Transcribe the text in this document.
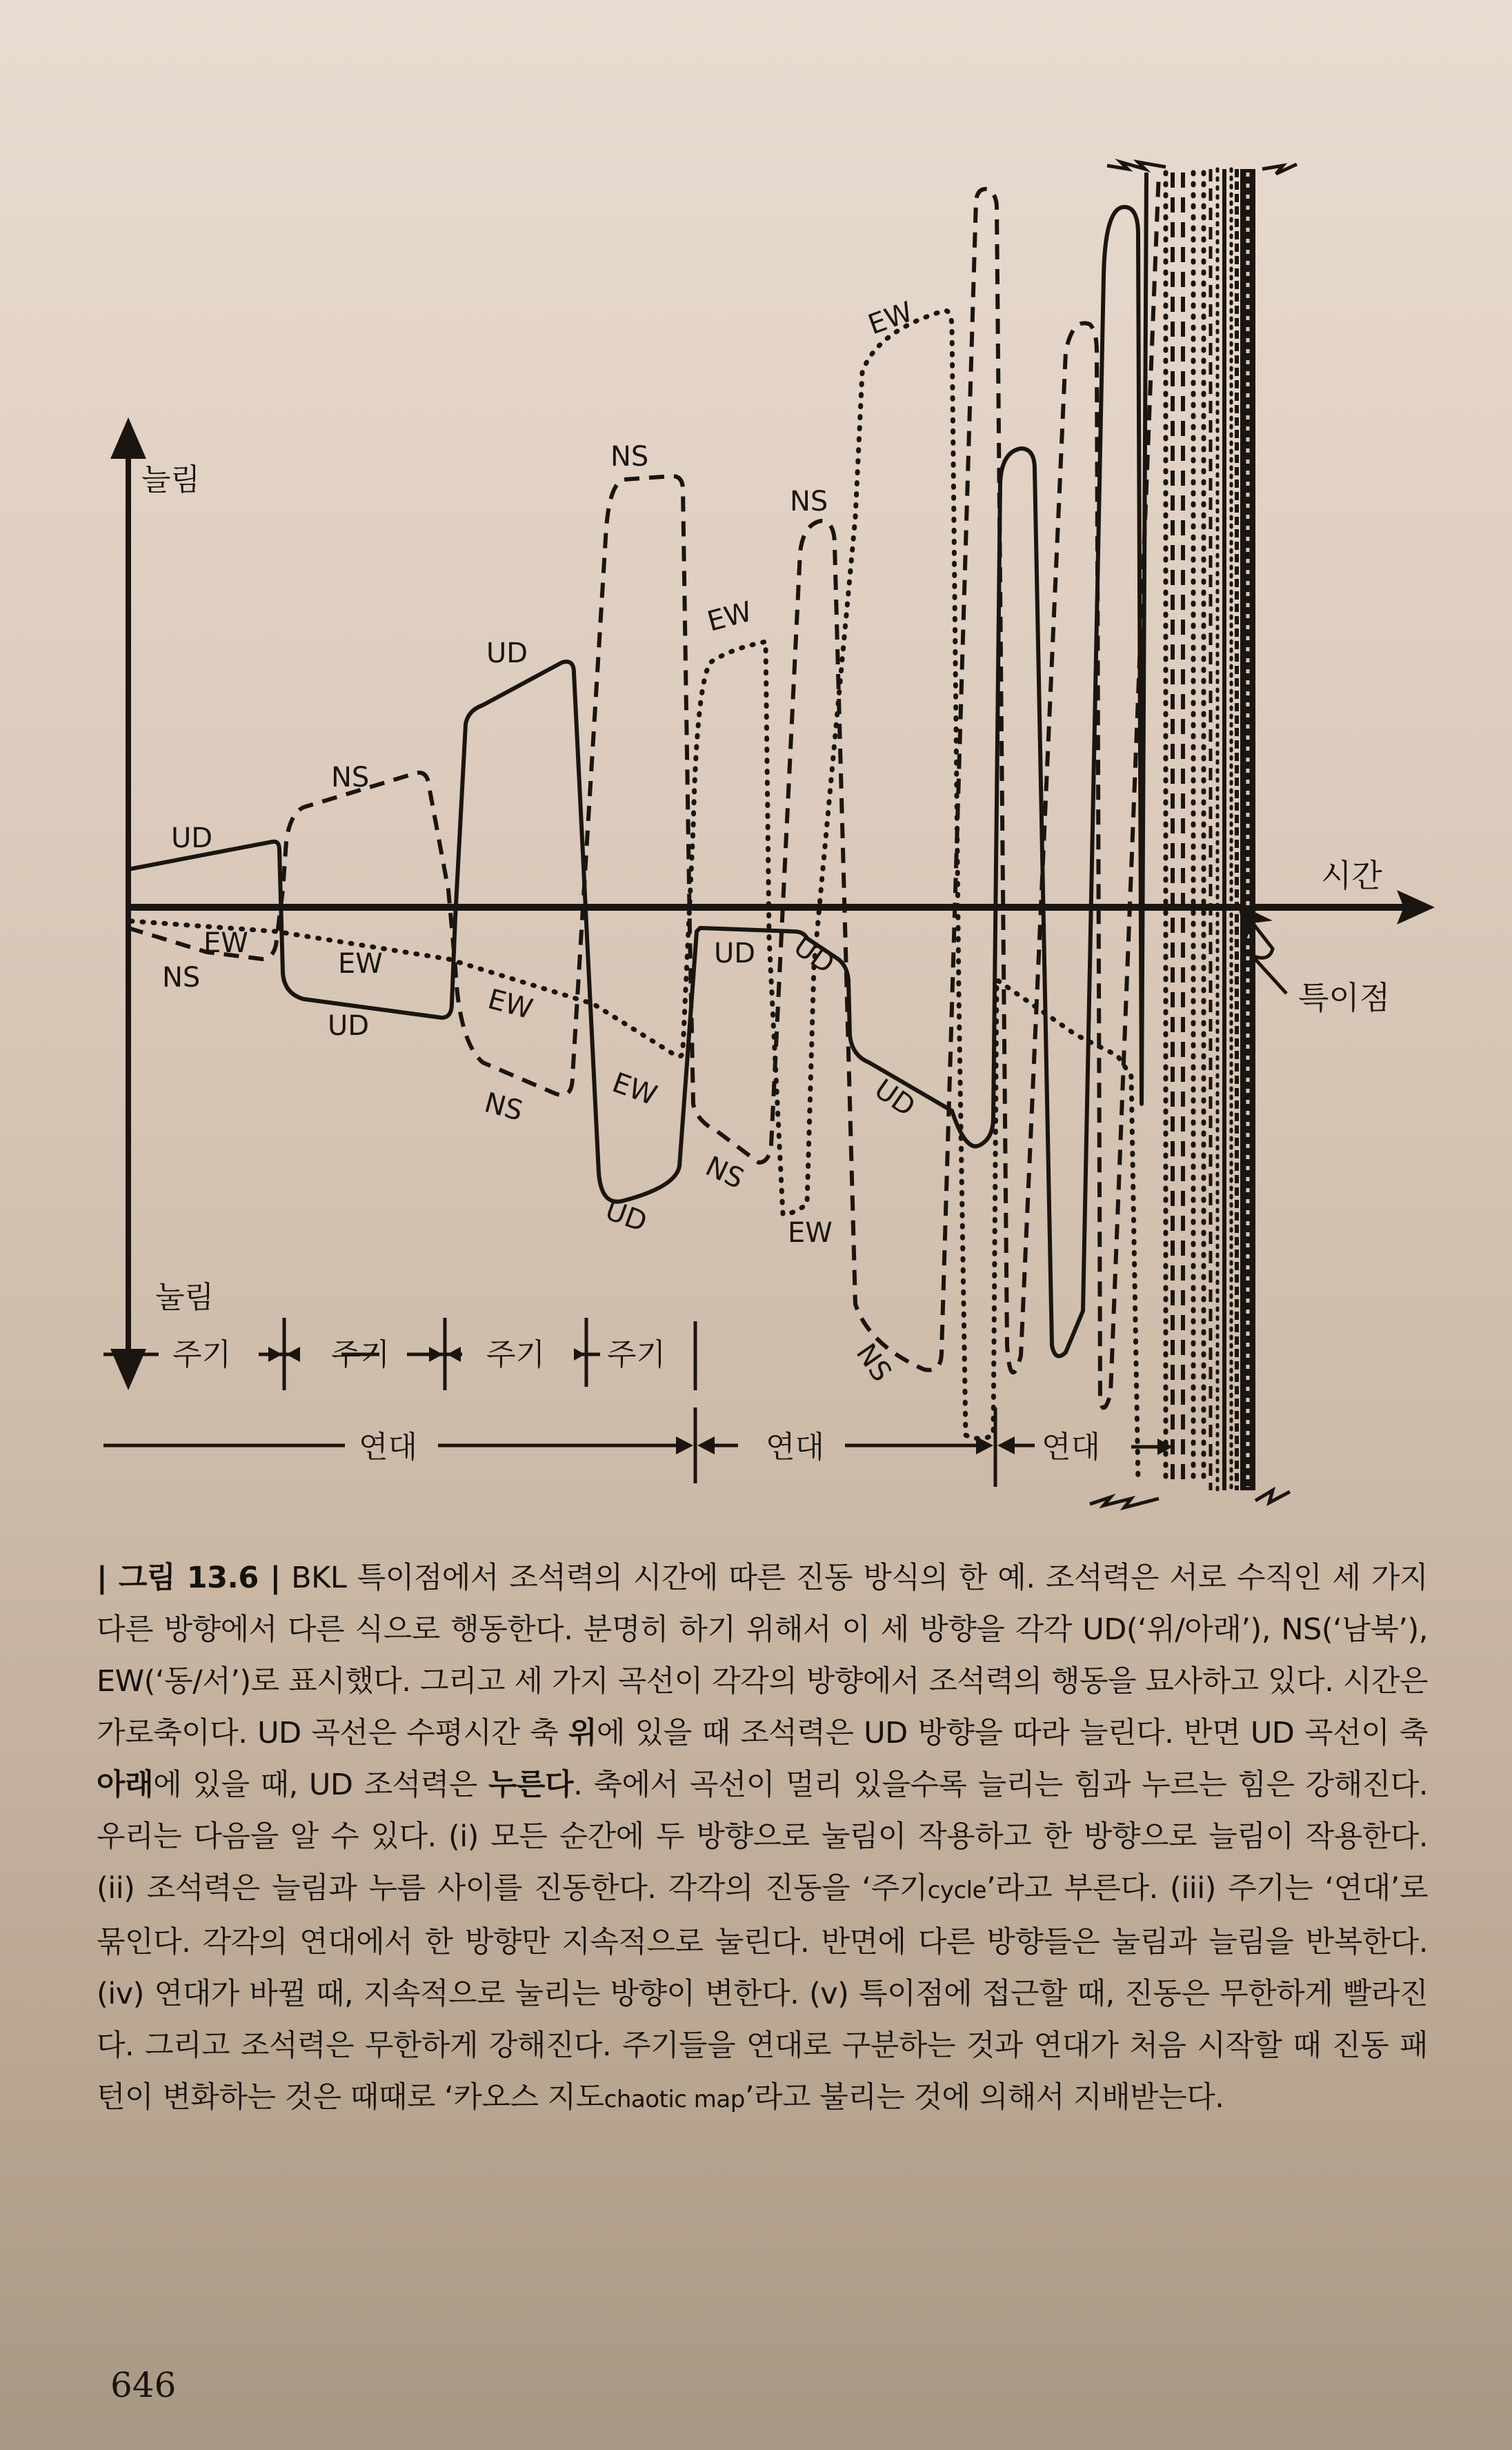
늘림
눌림
시간
특이점
UD
NS
EW
NS
EW
UD
UD
EW
NS
NS
EW
UD
EW
UD
NS
NS
UD
EW
UD
EW
NS
주기	주기	주기 주기
연대	연대	연대
| 그림 13.6 | BKL 특이점에서 조석력의 시간에 따른 진동 방식의 한 예. 조석력은 서로 수직인 세 가지 다른 방향에서 다른 식으로 행동한다. 분명히 하기 위해서 이 세 방향을 각각 UD(‘위/아래’), NS(‘남북’), EW(‘동/서’)로 표시했다. 그리고 세 가지 곡선이 각각의 방향에서 조석력의 행동을 묘사하고 있다. 시간은 가로축이다. UD 곡선은 수평시간 축 위에 있을 때 조석력은 UD 방향을 따라 늘린다. 반면 UD 곡선이 축 아래에 있을 때, UD 조석력은 누른다. 축에서 곡선이 멀리 있을수록 늘리는 힘과 누르는 힘은 강해진다. 우리는 다음을 알 수 있다. (i) 모든 순간에 두 방향으로 눌림이 작용하고 한 방향으로 늘림이 작용한다. (ii) 조석력은 늘림과 누름 사이를 진동한다. 각각의 진동을 ‘주기cycle’라고 부른다. (iii) 주기는 ‘연대’로 묶인다. 각각의 연대에서 한 방향만 지속적으로 눌린다. 반면에 다른 방향들은 눌림과 늘림을 반복한다. (iv) 연대가 바뀔 때, 지속적으로 눌리는 방향이 변한다. (v) 특이점에 접근할 때, 진동은 무한하게 빨라진다. 그리고 조석력은 무한하게 강해진다. 주기들을 연대로 구분하는 것과 연대가 처음 시작할 때 진동 패턴이 변화하는 것은 때때로 ‘카오스 지도chaotic map’라고 불리는 것에 의해서 지배받는다.
646
